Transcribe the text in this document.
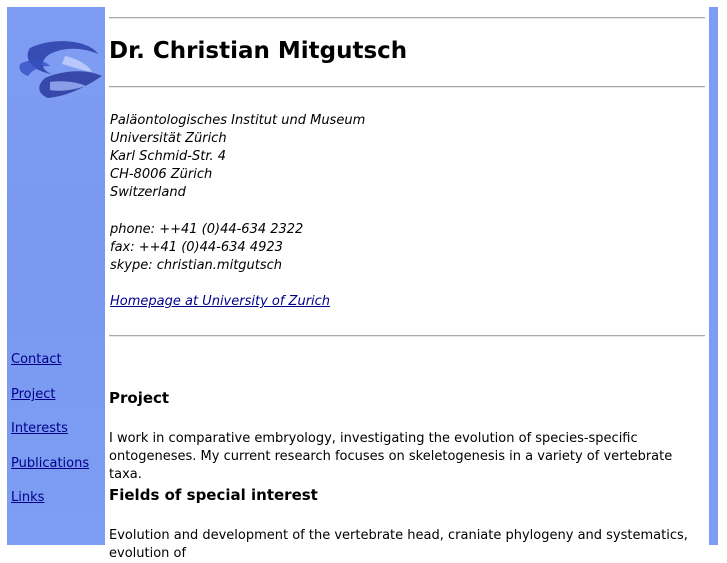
Contact
Project
Interests
Publications
Links
Dr. Christian Mitgutsch
Paläontologisches Institut und Museum
Universität Zürich
Karl Schmid-Str. 4
CH-8006 Zürich
Switzerland
phone: ++41 (0)44-634 2322
fax: ++41 (0)44-634 4923
skype: christian.mitgutsch
Homepage at University of Zurich
Project

I work in comparative embryology, investigating the evolution of species-specific ontogeneses. My current research focuses on skeletogenesis in a variety of vertebrate taxa.

Fields of special interest

Evolution and development of the vertebrate head, craniate phylogeny and systematics, evolution of
